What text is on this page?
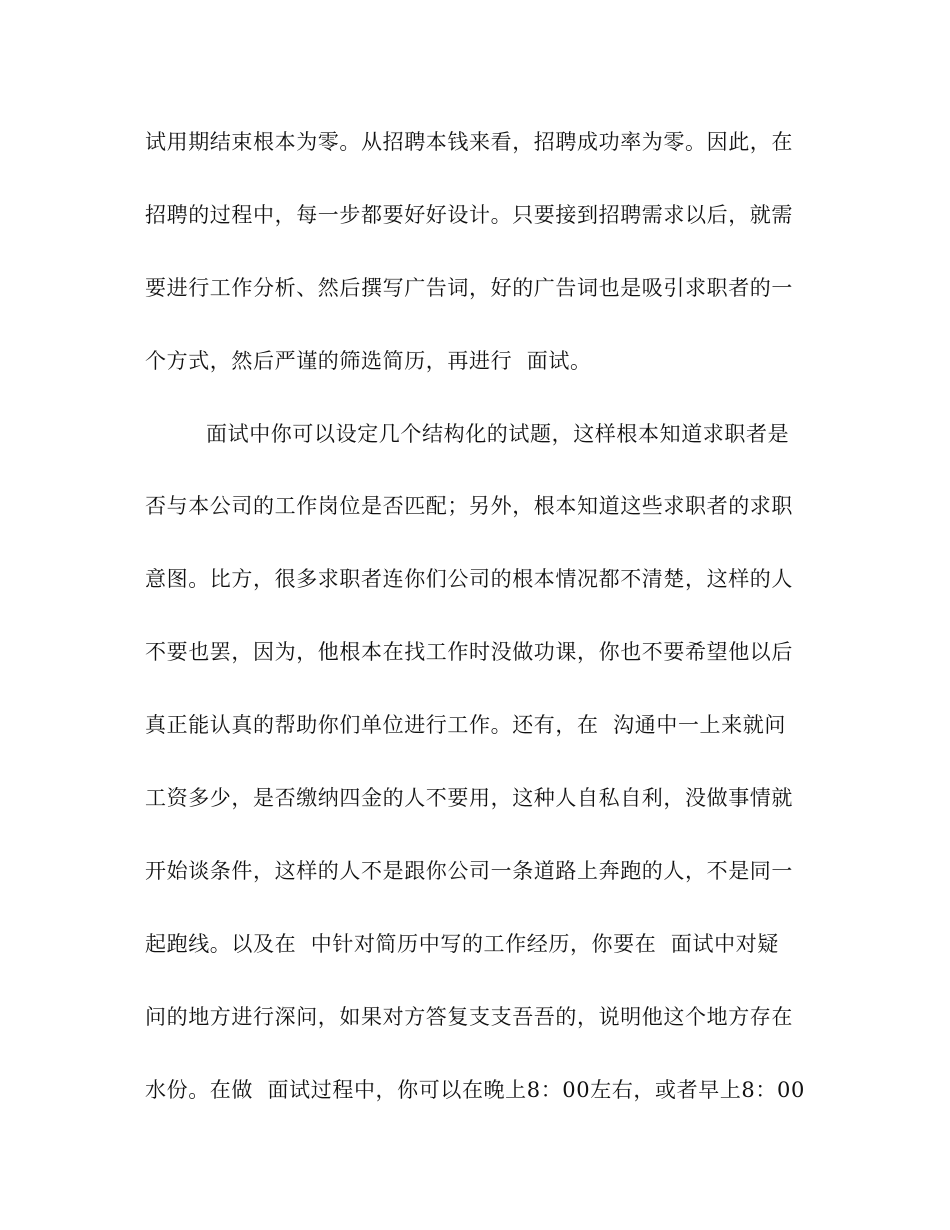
试用期结束根本为零。从招聘本钱来看，招聘成功率为零。因此，在
招聘的过程中，每一步都要好好设计。只要接到招聘需求以后，就需
要进行工作分析、然后撰写广告词，好的广告词也是吸引求职者的一
个方式，然后严谨的筛选简历，再进行  面试。
面试中你可以设定几个结构化的试题，这样根本知道求职者是
否与本公司的工作岗位是否匹配；另外，根本知道这些求职者的求职
意图。比方，很多求职者连你们公司的根本情况都不清楚，这样的人
不要也罢，因为，他根本在找工作时没做功课，你也不要希望他以后
真正能认真的帮助你们单位进行工作。还有，在  沟通中一上来就问
工资多少，是否缴纳四金的人不要用，这种人自私自利，没做事情就
开始谈条件，这样的人不是跟你公司一条道路上奔跑的人，不是同一
起跑线。以及在  中针对简历中写的工作经历，你要在  面试中对疑
问的地方进行深问，如果对方答复支支吾吾的，说明他这个地方存在
水份。在做  面试过程中，你可以在晚上8：00左右，或者早上8：00
